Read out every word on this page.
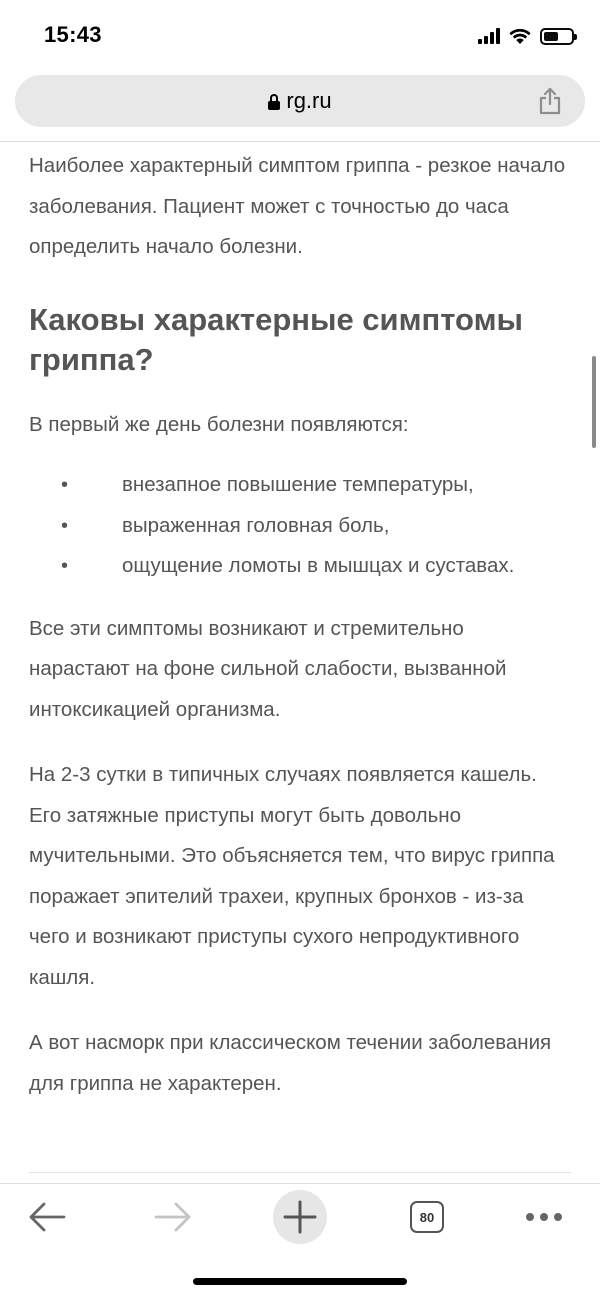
15:43
rg.ru

Наиболее характерный симптом гриппа - резкое начало заболевания. Пациент может с точностью до часа определить начало болезни.

Каковы характерные симптомы гриппа?

В первый же день болезни появляются:

•	внезапное повышение температуры,
•	выраженная головная боль,
•	ощущение ломоты в мышцах и суставах.

Все эти симптомы возникают и стремительно нарастают на фоне сильной слабости, вызванной интоксикацией организма.

На 2-3 сутки в типичных случаях появляется кашель. Его затяжные приступы могут быть довольно мучительными. Это объясняется тем, что вирус гриппа поражает эпителий трахеи, крупных бронхов - из-за чего и возникают приступы сухого непродуктивного кашля.

А вот насморк при классическом течении заболевания для гриппа не характерен.

80
